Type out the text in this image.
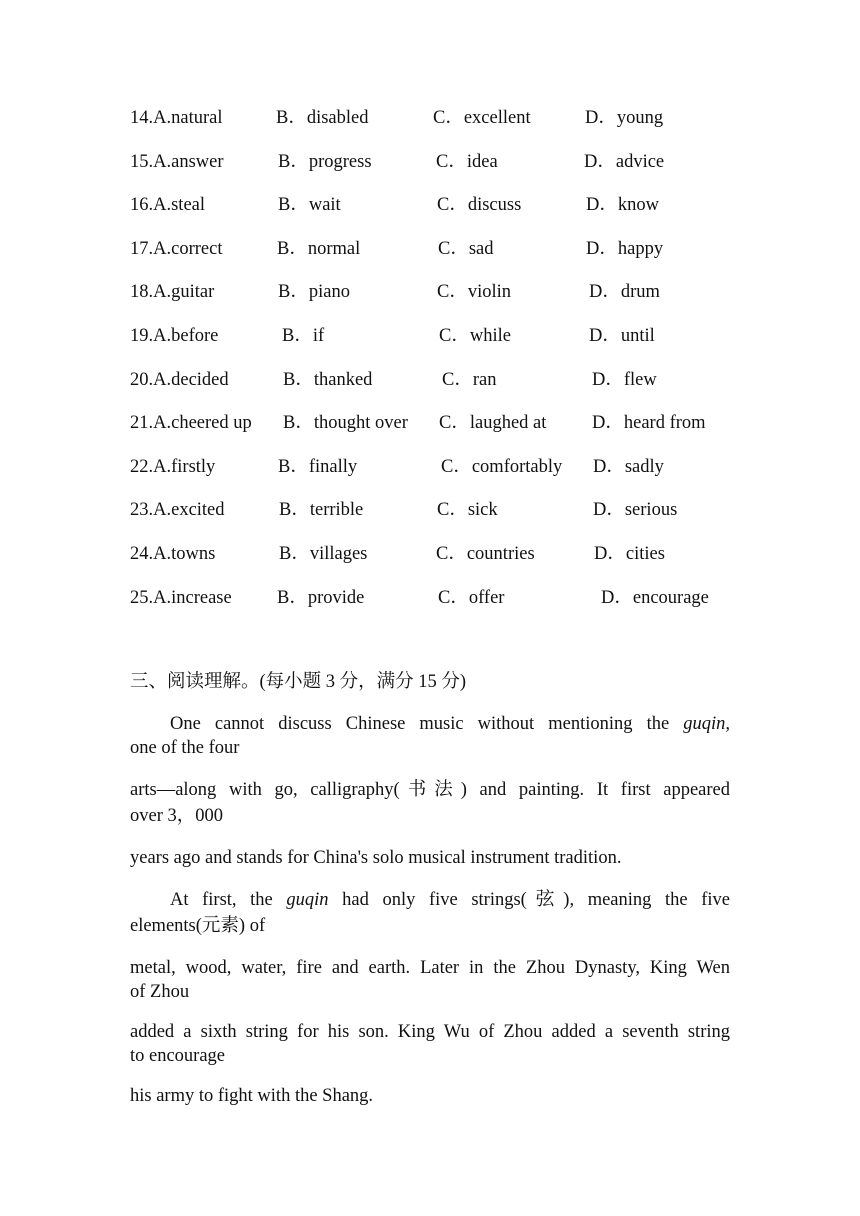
14.A.natural	B．disabled	C．excellent	D．young
15.A.answer	B．progress	C．idea	D．advice
16.A.steal	B．wait	C．discuss	D．know
17.A.correct	B．normal	C．sad	D．happy
18.A.guitar	B．piano	C．violin	D．drum
19.A.before	B．if	C．while	D．until
20.A.decided	B．thanked	C．ran	D．flew
21.A.cheered up B．thought over C．laughed at D．heard from
22.A.firstly	B．finally	C．comfortably D．sadly
23.A.excited	B．terrible	C．sick	D．serious
24.A.towns	B．villages	C．countries	D．cities
25.A.increase B．provide	C．offer	D．encourage
三、阅读理解。(每小题 3 分，满分 15 分)
One cannot discuss Chinese music without mentioning the guqin,
one of the four
arts—along with go, calligraphy(书法) and painting. It first appeared
over 3，000
years ago and stands for China's solo musical instrument tradition.
At first, the guqin had only five strings(弦), meaning the five
elements(元素) of
metal, wood, water, fire and earth. Later in the Zhou Dynasty, King Wen
of Zhou
added a sixth string for his son. King Wu of Zhou added a seventh string
to encourage
his army to fight with the Shang.
